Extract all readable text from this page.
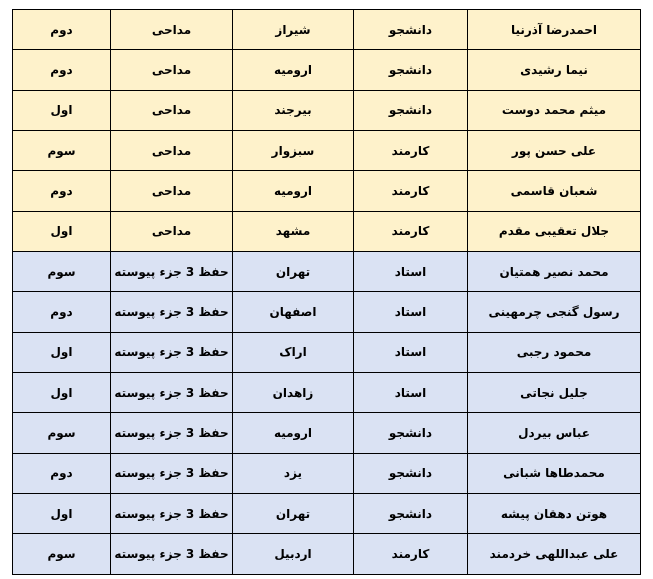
احمدرضا آذرنیا	دانشجو	شیراز	مداحی	دوم
نیما رشیدی	دانشجو	ارومیه	مداحی	دوم
میثم محمد دوست	دانشجو	بیرجند	مداحی	اول
علی حسن پور	کارمند	سبزوار	مداحی	سوم
شعبان قاسمی	کارمند	ارومیه	مداحی	دوم
جلال تعقیبی مقدم	کارمند	مشهد	مداحی	اول
محمد نصیر همتیان	استاد	تهران	حفظ 3 جزء پیوسته	سوم
رسول گنجی چرمهینی	استاد	اصفهان	حفظ 3 جزء پیوسته	دوم
محمود رجبی	استاد	اراک	حفظ 3 جزء پیوسته	اول
جلیل نجاتی	استاد	زاهدان	حفظ 3 جزء پیوسته	اول
عباس بیردل	دانشجو	ارومیه	حفظ 3 جزء پیوسته	سوم
محمدطاها شبانی	دانشجو	یزد	حفظ 3 جزء پیوسته	دوم
هوتن دهقان پیشه	دانشجو	تهران	حفظ 3 جزء پیوسته	اول
علی عبداللهی خردمند	کارمند	اردبیل	حفظ 3 جزء پیوسته	سوم
